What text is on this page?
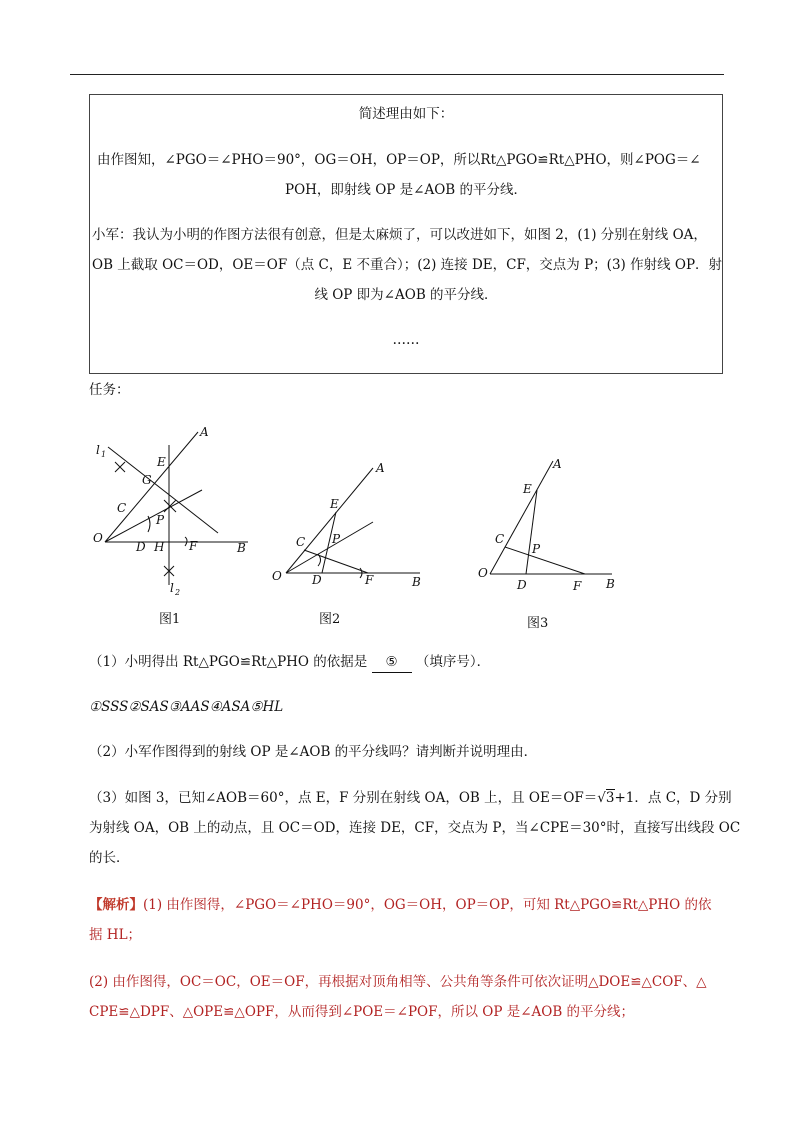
简述理由如下：
由作图知，∠PGO＝∠PHO＝90°，OG＝OH，OP＝OP，所以Rt△PGO≌Rt△PHO，则∠POG＝∠
POH，即射线 OP 是∠AOB 的平分线．
小军：我认为小明的作图方法很有创意，但是太麻烦了，可以改进如下，如图 2，(1) 分别在射线 OA，
OB 上截取 OC＝OD，OE＝OF（点 C，E 不重合）；(2) 连接 DE，CF，交点为 P；(3) 作射线 OP．射
线 OP 即为∠AOB 的平分线．
……
任务：
A
l 1
E
G
C
P
O
D H F	B
l 2
图1
A
E
C P
O	D	F	B
图2
A
E
C
P
O
D	F B
图3
（1）小明得出 Rt△PGO≌Rt△PHO 的依据是 ⑤ （填序号）．
①SSS②SAS③AAS④ASA⑤HL
（2）小军作图得到的射线 OP 是∠AOB 的平分线吗？请判断并说明理由．
（3）如图 3，已知∠AOB＝60°，点 E，F 分别在射线 OA，OB 上，且 OE＝OF＝√3+1．点 C，D 分别
为射线 OA，OB 上的动点，且 OC＝OD，连接 DE，CF，交点为 P，当∠CPE＝30°时，直接写出线段 OC
的长．
【解析】(1) 由作图得，∠PGO＝∠PHO＝90°，OG＝OH，OP＝OP，可知 Rt△PGO≌Rt△PHO 的依
据 HL；
(2) 由作图得，OC＝OC，OE＝OF，再根据对顶角相等、公共角等条件可依次证明△DOE≌△COF、△
CPE≌△DPF、△OPE≌△OPF，从而得到∠POE＝∠POF，所以 OP 是∠AOB 的平分线；
